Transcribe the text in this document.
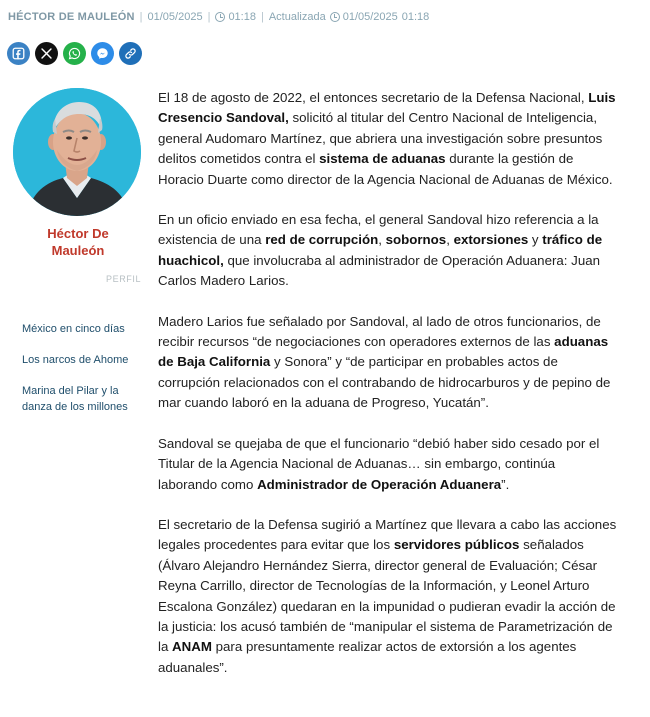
HÉCTOR DE MAULEÓN | 01/05/2025 | 01:18 | Actualizada 01/05/2025 01:18
Héctor De
Mauleón
PERFIL
México en cinco días
Los narcos de Ahome
Marina del Pilar y la danza de los millones

El 18 de agosto de 2022, el entonces secretario de la Defensa Nacional, Luis Cresencio Sandoval, solicitó al titular del Centro Nacional de Inteligencia, general Audomaro Martínez, que abriera una investigación sobre presuntos delitos cometidos contra el sistema de aduanas durante la gestión de Horacio Duarte como director de la Agencia Nacional de Aduanas de México.

En un oficio enviado en esa fecha, el general Sandoval hizo referencia a la existencia de una red de corrupción, sobornos, extorsiones y tráfico de huachicol, que involucraba al administrador de Operación Aduanera: Juan Carlos Madero Larios.

Madero Larios fue señalado por Sandoval, al lado de otros funcionarios, de recibir recursos “de negociaciones con operadores externos de las aduanas de Baja California y Sonora” y “de participar en probables actos de corrupción relacionados con el contrabando de hidrocarburos y de pepino de mar cuando laboró en la aduana de Progreso, Yucatán”.

Sandoval se quejaba de que el funcionario “debió haber sido cesado por el Titular de la Agencia Nacional de Aduanas… sin embargo, continúa laborando como Administrador de Operación Aduanera”.

El secretario de la Defensa sugirió a Martínez que llevara a cabo las acciones legales procedentes para evitar que los servidores públicos señalados (Álvaro Alejandro Hernández Sierra, director general de Evaluación; César Reyna Carrillo, director de Tecnologías de la Información, y Leonel Arturo Escalona González) quedaran en la impunidad o pudieran evadir la acción de la justicia: los acusó también de “manipular el sistema de Parametrización de la ANAM para presuntamente realizar actos de extorsión a los agentes aduanales”.
